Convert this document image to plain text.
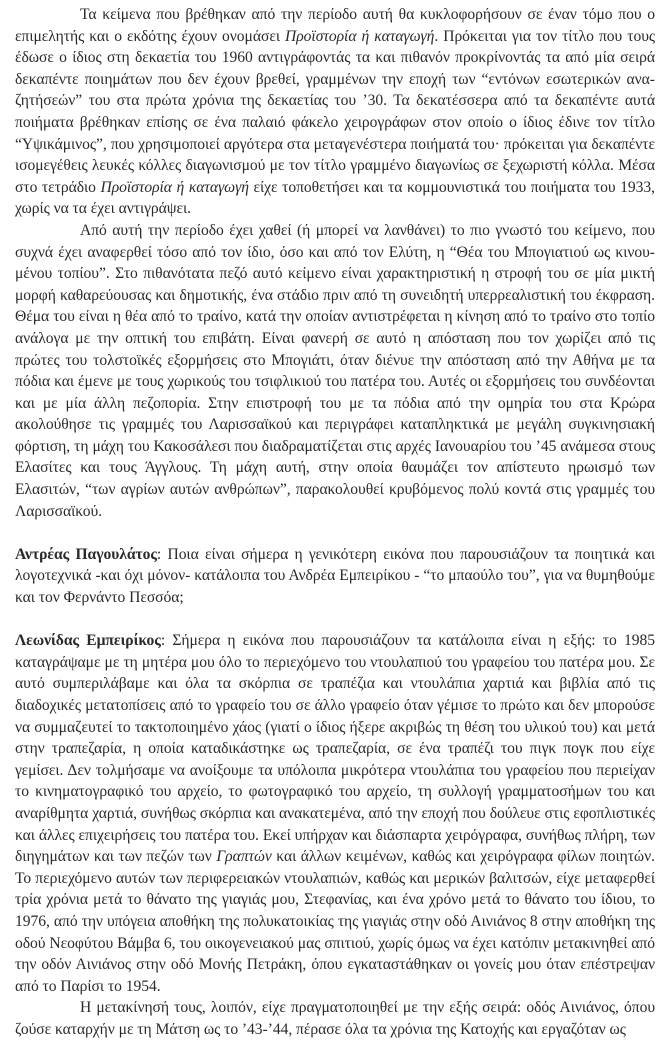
Τα κείμενα που βρέθηκαν από την περίοδο αυτή θα κυκλοφορήσουν σε έναν τόμο που ο επιμελητής και ο εκδότης έχουν ονομάσει Προϊστορία ή καταγωγή. Πρόκειται για τον τίτλο που τους έδωσε ο ίδιος στη δεκαετία του 1960 αντιγράφοντάς τα και πιθανόν προκρίνοντάς τα από μία σειρά δεκαπέντε ποιημάτων που δεν έχουν βρεθεί, γραμμένων την εποχή των “εντόνων εσωτερικών αναζητήσεών” του στα πρώτα χρόνια της δεκαετίας του ’30. Τα δεκατέσσερα από τα δεκαπέντε αυτά ποιήματα βρέθηκαν επίσης σε ένα παλαιό φάκελο χειρογράφων στον οποίο ο ίδιος έδινε τον τίτλο “Υψικάμινος”, που χρησιμοποιεί αργότερα στα μεταγενέστερα ποιήματά του· πρόκειται για δεκαπέντε ισομεγέθεις λευκές κόλλες διαγωνισμού με τον τίτλο γραμμένο διαγωνίως σε ξεχωριστή κόλλα. Μέσα στο τετράδιο Προϊστορία ή καταγωγή είχε τοποθετήσει και τα κομμουνιστικά του ποιήματα του 1933, χωρίς να τα έχει αντιγράψει.

Από αυτή την περίοδο έχει χαθεί (ή μπορεί να λανθάνει) το πιο γνωστό του κείμενο, που συχνά έχει αναφερθεί τόσο από τον ίδιο, όσο και από τον Ελύτη, η “Θέα του Μπογιατιού ως κινουμένου τοπίου”. Στο πιθανότατα πεζό αυτό κείμενο είναι χαρακτηριστική η στροφή του σε μία μικτή μορφή καθαρεύουσας και δημοτικής, ένα στάδιο πριν από τη συνειδητή υπερρεαλιστική του έκφραση. Θέμα του είναι η θέα από το τραίνο, κατά την οποίαν αντιστρέφεται η κίνηση από το τραίνο στο τοπίο ανάλογα με την οπτική του επιβάτη. Είναι φανερή σε αυτό η απόσταση που τον χωρίζει από τις πρώτες του τολστοϊκές εξορμήσεις στο Μπογιάτι, όταν διένυε την απόσταση από την Αθήνα με τα πόδια και έμενε με τους χωρικούς του τσιφλικιού του πατέρα του. Αυτές οι εξορμήσεις του συνδέονται και με μία άλλη πεζοπορία. Στην επιστροφή του με τα πόδια από την ομηρία του στα Κρώρα ακολούθησε τις γραμμές του Λαρισσαϊκού και περιγράφει καταπληκτικά με μεγάλη συγκινησιακή φόρτιση, τη μάχη του Κακοσάλεσι που διαδραματίζεται στις αρχές Ιανουαρίου του ’45 ανάμεσα στους Ελασίτες και τους Άγγλους. Τη μάχη αυτή, στην οποία θαυμάζει τον απίστευτο ηρωισμό των Ελασιτών, “των αγρίων αυτών ανθρώπων”, παρακολουθεί κρυβόμενος πολύ κοντά στις γραμμές του Λαρισσαϊκού.

Αντρέας Παγουλάτος: Ποια είναι σήμερα η γενικότερη εικόνα που παρουσιάζουν τα ποιητικά και λογοτεχνικά -και όχι μόνον- κατάλοιπα του Ανδρέα Εμπειρίκου - “το μπαούλο του”, για να θυμηθούμε και τον Φερνάντο Πεσσόα;

Λεωνίδας Εμπειρίκος: Σήμερα η εικόνα που παρουσιάζουν τα κατάλοιπα είναι η εξής: το 1985 καταγράψαμε με τη μητέρα μου όλο το περιεχόμενο του ντουλαπιού του γραφείου του πατέρα μου. Σε αυτό συμπεριλάβαμε και όλα τα σκόρπια σε τραπέζια και ντουλάπια χαρτιά και βιβλία από τις διαδοχικές μετατοπίσεις από το γραφείο του σε άλλο γραφείο όταν γέμισε το πρώτο και δεν μπορούσε να συμμαζευτεί το τακτοποιημένο χάος (γιατί ο ίδιος ήξερε ακριβώς τη θέση του υλικού του) και μετά στην τραπεζαρία, η οποία καταδικάστηκε ως τραπεζαρία, σε ένα τραπέζι του πιγκ πογκ που είχε γεμίσει. Δεν τολμήσαμε να ανοίξουμε τα υπόλοιπα μικρότερα ντουλάπια του γραφείου που περιείχαν το κινηματογραφικό του αρχείο, το φωτογραφικό του αρχείο, τη συλλογή γραμματοσήμων του και αναρίθμητα χαρτιά, συνήθως σκόρπια και ανακατεμένα, από την εποχή που δούλευε στις εφοπλιστικές και άλλες επιχειρήσεις του πατέρα του. Εκεί υπήρχαν και διάσπαρτα χειρόγραφα, συνήθως πλήρη, των διηγημάτων και των πεζών των Γραπτών και άλλων κειμένων, καθώς και χειρόγραφα φίλων ποιητών. Το περιεχόμενο αυτών των περιφερειακών ντουλαπιών, καθώς και μερικών βαλιτσών, είχε μεταφερθεί τρία χρόνια μετά το θάνατο της γιαγιάς μου, Στεφανίας, και ένα χρόνο μετά το θάνατο του ίδιου, το 1976, από την υπόγεια αποθήκη της πολυκατοικίας της γιαγιάς στην οδό Αινιάνος 8 στην αποθήκη της οδού Νεοφύτου Βάμβα 6, του οικογενειακού μας σπιτιού, χωρίς όμως να έχει κατόπιν μετακινηθεί από την οδόν Αινιάνος στην οδό Μονής Πετράκη, όπου εγκαταστάθηκαν οι γονείς μου όταν επέστρεψαν από το Παρίσι το 1954.

Η μετακίνησή τους, λοιπόν, είχε πραγματοποιηθεί με την εξής σειρά: οδός Αινιάνος, όπου ζούσε καταρχήν με τη Μάτση ως το ’43-’44, πέρασε όλα τα χρόνια της Κατοχής και εργαζόταν ως
